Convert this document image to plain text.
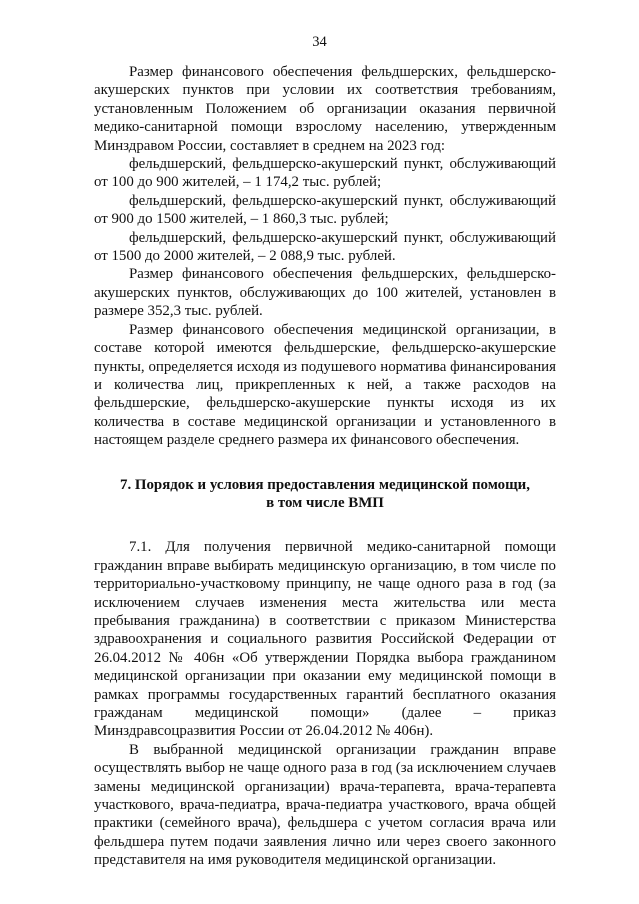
34

Размер финансового обеспечения фельдшерских, фельдшерско-акушерских пунктов при условии их соответствия требованиям, установленным Положением об организации оказания первичной медико-санитарной помощи взрослому населению, утвержденным Минздравом России, составляет в среднем на 2023 год:

фельдшерский, фельдшерско-акушерский пункт, обслуживающий от 100 до 900 жителей, – 1 174,2 тыс. рублей;

фельдшерский, фельдшерско-акушерский пункт, обслуживающий от 900 до 1500 жителей, – 1 860,3 тыс. рублей;

фельдшерский, фельдшерско-акушерский пункт, обслуживающий от 1500 до 2000 жителей, – 2 088,9 тыс. рублей.

Размер финансового обеспечения фельдшерских, фельдшерско-акушерских пунктов, обслуживающих до 100 жителей, установлен в размере 352,3 тыс. рублей.

Размер финансового обеспечения медицинской организации, в составе которой имеются фельдшерские, фельдшерско-акушерские пункты, определяется исходя из подушевого норматива финансирования и количества лиц, прикрепленных к ней, а также расходов на фельдшерские, фельдшерско-акушерские пункты исходя из их количества в составе медицинской организации и установленного в настоящем разделе среднего размера их финансового обеспечения.

7. Порядок и условия предоставления медицинской помощи,
в том числе ВМП

7.1. Для получения первичной медико-санитарной помощи гражданин вправе выбирать медицинскую организацию, в том числе по территориально-участковому принципу, не чаще одного раза в год (за исключением случаев изменения места жительства или места пребывания гражданина) в соответствии с приказом Министерства здравоохранения и социального развития Российской Федерации от 26.04.2012 № 406н «Об утверждении Порядка выбора гражданином медицинской организации при оказании ему медицинской помощи в рамках программы государственных гарантий бесплатного оказания гражданам медицинской помощи» (далее – приказ Минздравсоцразвития России от 26.04.2012 № 406н).

В выбранной медицинской организации гражданин вправе осуществлять выбор не чаще одного раза в год (за исключением случаев замены медицинской организации) врача-терапевта, врача-терапевта участкового, врача-педиатра, врача-педиатра участкового, врача общей практики (семейного врача), фельдшера с учетом согласия врача или фельдшера путем подачи заявления лично или через своего законного представителя на имя руководителя медицинской организации.
